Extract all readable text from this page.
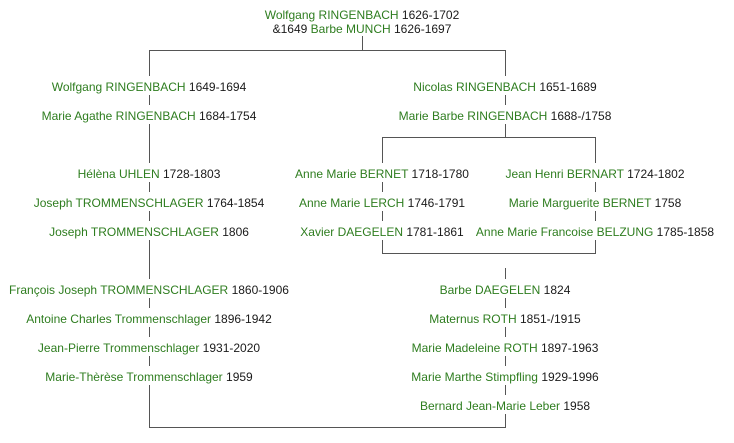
Wolfgang RINGENBACH 1626-1702
&1649 Barbe MUNCH 1626-1697
Wolfgang RINGENBACH 1649-1694
Marie Agathe RINGENBACH 1684-1754
Hélèna UHLEN 1728-1803
Joseph TROMMENSCHLAGER 1764-1854
Joseph TROMMENSCHLAGER 1806
François Joseph TROMMENSCHLAGER 1860-1906
Antoine Charles Trommenschlager 1896-1942
Jean-Pierre Trommenschlager 1931-2020
Marie-Thèrèse Trommenschlager 1959
Nicolas RINGENBACH 1651-1689
Marie Barbe RINGENBACH 1688-/1758
Anne Marie BERNET 1718-1780
Anne Marie LERCH 1746-1791
Xavier DAEGELEN 1781-1861
Jean Henri BERNART 1724-1802
Marie Marguerite BERNET 1758
Anne Marie Francoise BELZUNG 1785-1858
Barbe DAEGELEN 1824
Maternus ROTH 1851-/1915
Marie Madeleine ROTH 1897-1963
Marie Marthe Stimpfling 1929-1996
Bernard Jean-Marie Leber 1958
